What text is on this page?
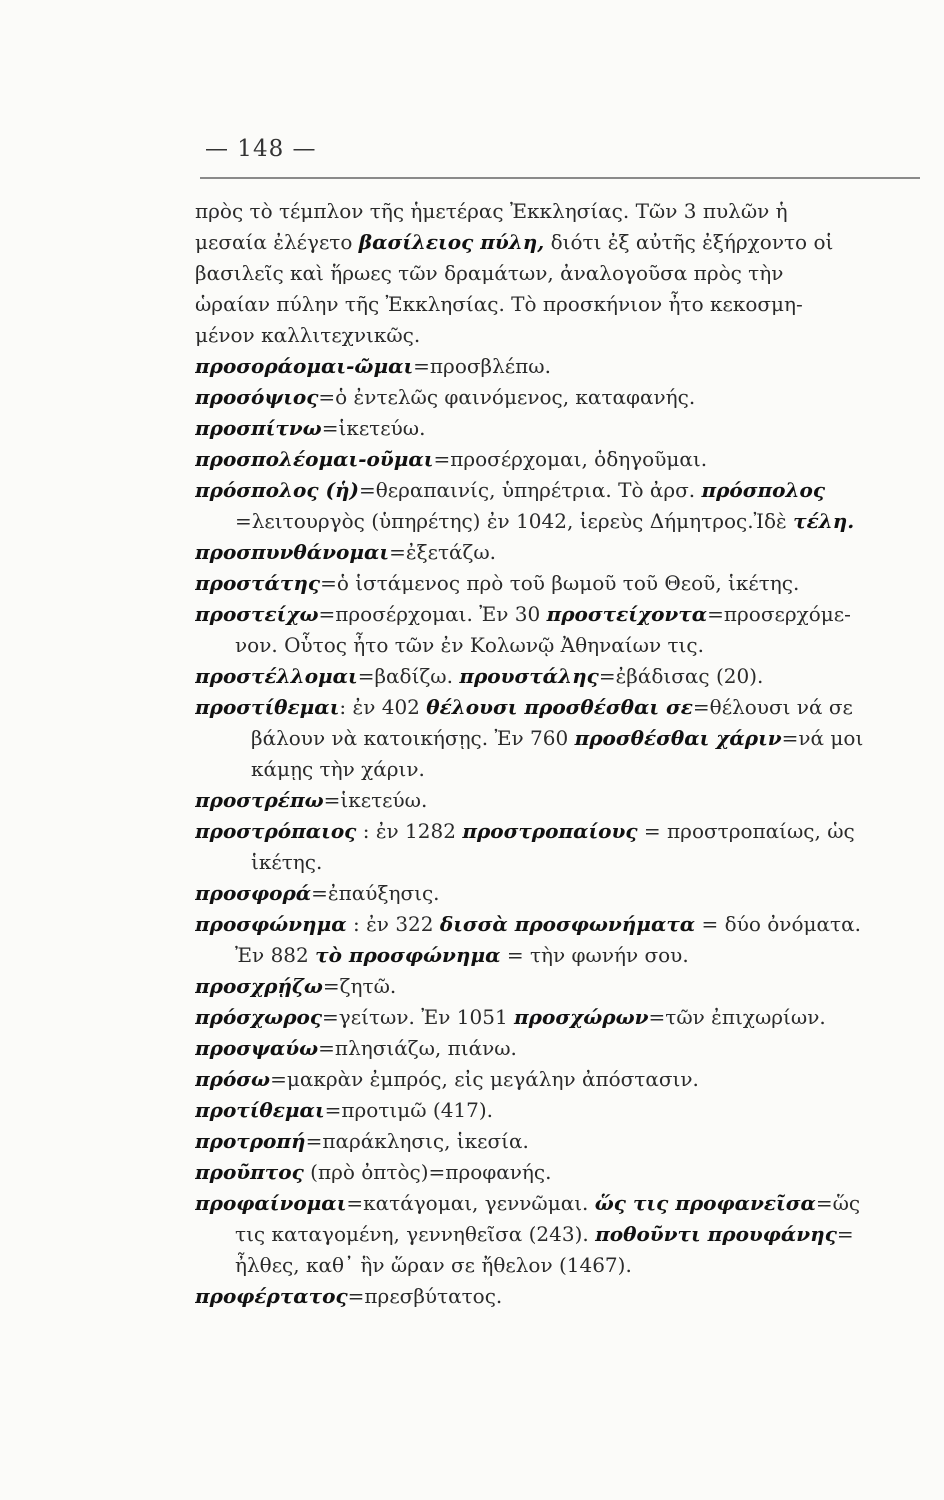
— 148 —
πρὸς τὸ τέμπλον τῆς ἡμετέρας Ἐκκλησίας. Τῶν 3 πυλῶν ἡ
μεσαία ἐλέγετο βασίλειος πύλη, διότι ἐξ αὐτῆς ἐξήρχοντο οἱ
βασιλεῖς καὶ ἥρωες τῶν δραμάτων, ἀναλογοῦσα πρὸς τὴν
ὡραίαν πύλην τῆς Ἐκκλησίας. Τὸ προσκήνιον ἦτο κεκοσμη-
μένον καλλιτεχνικῶς.
προσοράομαι-ῶμαι=προσβλέπω.
προσόψιος=ὁ ἐντελῶς φαινόμενος, καταφανής.
προσπίτνω=ἱκετεύω.
προσπολέομαι-οῦμαι=προσέρχομαι, ὁδηγοῦμαι.
πρόσπολος (ἡ)=θεραπαινίς, ὑπηρέτρια. Τὸ ἀρσ. πρόσπολος
=λειτουργὸς (ὑπηρέτης) ἐν 1042, ἱερεὺς Δήμητρος.Ἰδὲ τέλη.
προσπυνθάνομαι=ἐξετάζω.
προστάτης=ὁ ἱστάμενος πρὸ τοῦ βωμοῦ τοῦ Θεοῦ, ἱκέτης.
προστείχω=προσέρχομαι. Ἐν 30 προστείχοντα=προσερχόμε-
νον. Οὗτος ἦτο τῶν ἐν Κολωνῷ Ἀθηναίων τις.
προστέλλομαι=βαδίζω. προυστάλης=ἐβάδισας (20).
προστίθεμαι: ἐν 402 θέλουσι προσθέσθαι σε=θέλουσι νά σε
βάλουν νὰ κατοικήσῃς. Ἐν 760 προσθέσθαι χάριν=νά μοι
κάμῃς τὴν χάριν.
προστρέπω=ἱκετεύω.
προστρόπαιος : ἐν 1282 προστροπαίους = προστροπαίως, ὡς
ἱκέτης.
προσφορά=ἐπαύξησις.
προσφώνημα : ἐν 322 δισσὰ προσφωνήματα = δύο ὀνόματα.
Ἐν 882 τὸ προσφώνημα = τὴν φωνήν σου.
προσχρῄζω=ζητῶ.
πρόσχωρος=γείτων. Ἐν 1051 προσχώρων=τῶν ἐπιχωρίων.
προσψαύω=πλησιάζω, πιάνω.
πρόσω=μακρὰν ἐμπρός, εἰς μεγάλην ἀπόστασιν.
προτίθεμαι=προτιμῶ (417).
προτροπή=παράκλησις, ἱκεσία.
προῦπτος (πρὸ ὀπτὸς)=προφανής.
προφαίνομαι=κατάγομαι, γεννῶμαι. ὥς τις προφανεῖσα=ὥς
τις καταγομένη, γεννηθεῖσα (243). ποθοῦντι προυφάνης=
ἦλθες, καθ᾽ ἣν ὥραν σε ἤθελον (1467).
προφέρτατος=πρεσβύτατος.
